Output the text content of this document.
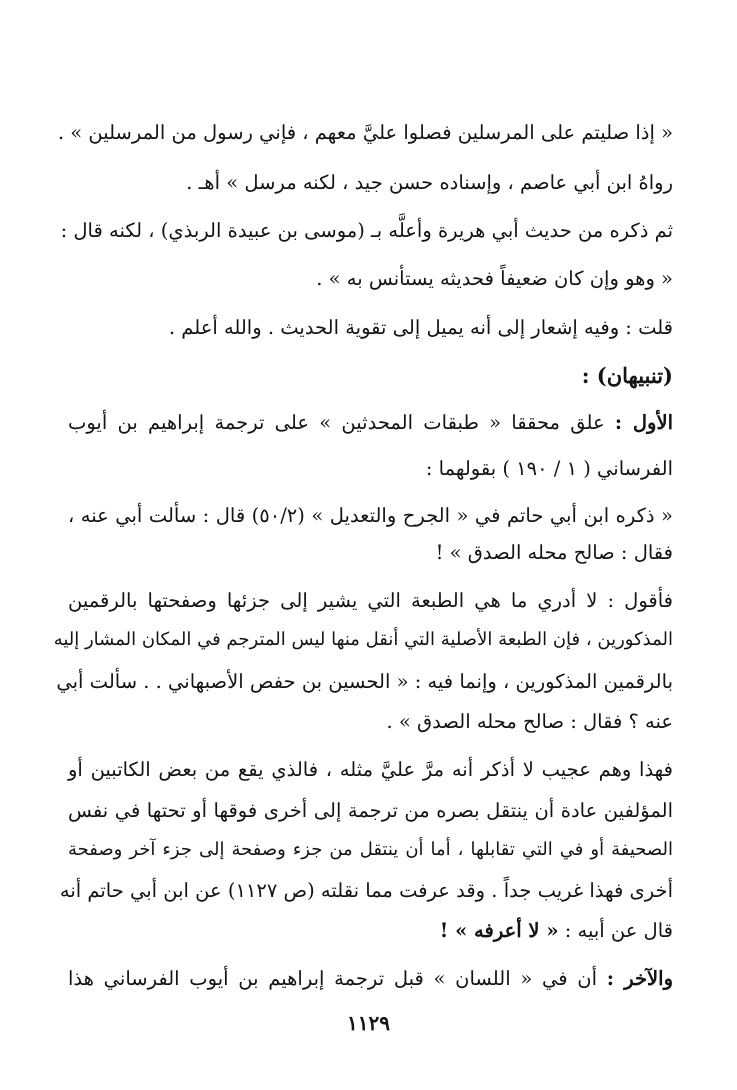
« إذا صليتم على المرسلين فصلوا عليَّ معهم ، فإني رسول من المرسلين » .
رواهُ ابن أبي عاصم ، وإسناده حسن جيد ، لكنه مرسل » أهـ .
ثم ذكره من حديث أبي هريرة وأعلَّه بـ (موسى بن عبيدة الربذي) ، لكنه قال :
« وهو وإن كان ضعيفاً فحديثه يستأنس به » .
قلت : وفيه إشعار إلى أنه يميل إلى تقوية الحديث . والله أعلم .
(تنبيهان) :
الأول : علق محققا « طبقات المحدثين » على ترجمة إبراهيم بن أيوب
الفرساني ( ١ / ١٩٠ ) بقولهما :
« ذكره ابن أبي حاتم في « الجرح والتعديل » (٥٠/٢) قال : سألت أبي عنه ،
فقال : صالح محله الصدق » !
فأقول : لا أدري ما هي الطبعة التي يشير إلى جزئها وصفحتها بالرقمين
المذكورين ، فإن الطبعة الأصلية التي أنقل منها ليس المترجم في المكان المشار إليه
بالرقمين المذكورين ، وإنما فيه : « الحسين بن حفص الأصبهاني . . سألت أبي
عنه ؟ فقال : صالح محله الصدق » .
فهذا وهم عجيب لا أذكر أنه مرَّ عليَّ مثله ، فالذي يقع من بعض الكاتبين أو
المؤلفين عادة أن ينتقل بصره من ترجمة إلى أخرى فوقها أو تحتها في نفس
الصحيفة أو في التي تقابلها ، أما أن ينتقل من جزء وصفحة إلى جزء آخر وصفحة
أخرى فهذا غريب جداً . وقد عرفت مما نقلته (ص ١١٢٧) عن ابن أبي حاتم أنه
قال عن أبيه : « لا أعرفه » !
والآخر : أن في « اللسان » قبل ترجمة إبراهيم بن أيوب الفرساني هذا
١١٢٩
